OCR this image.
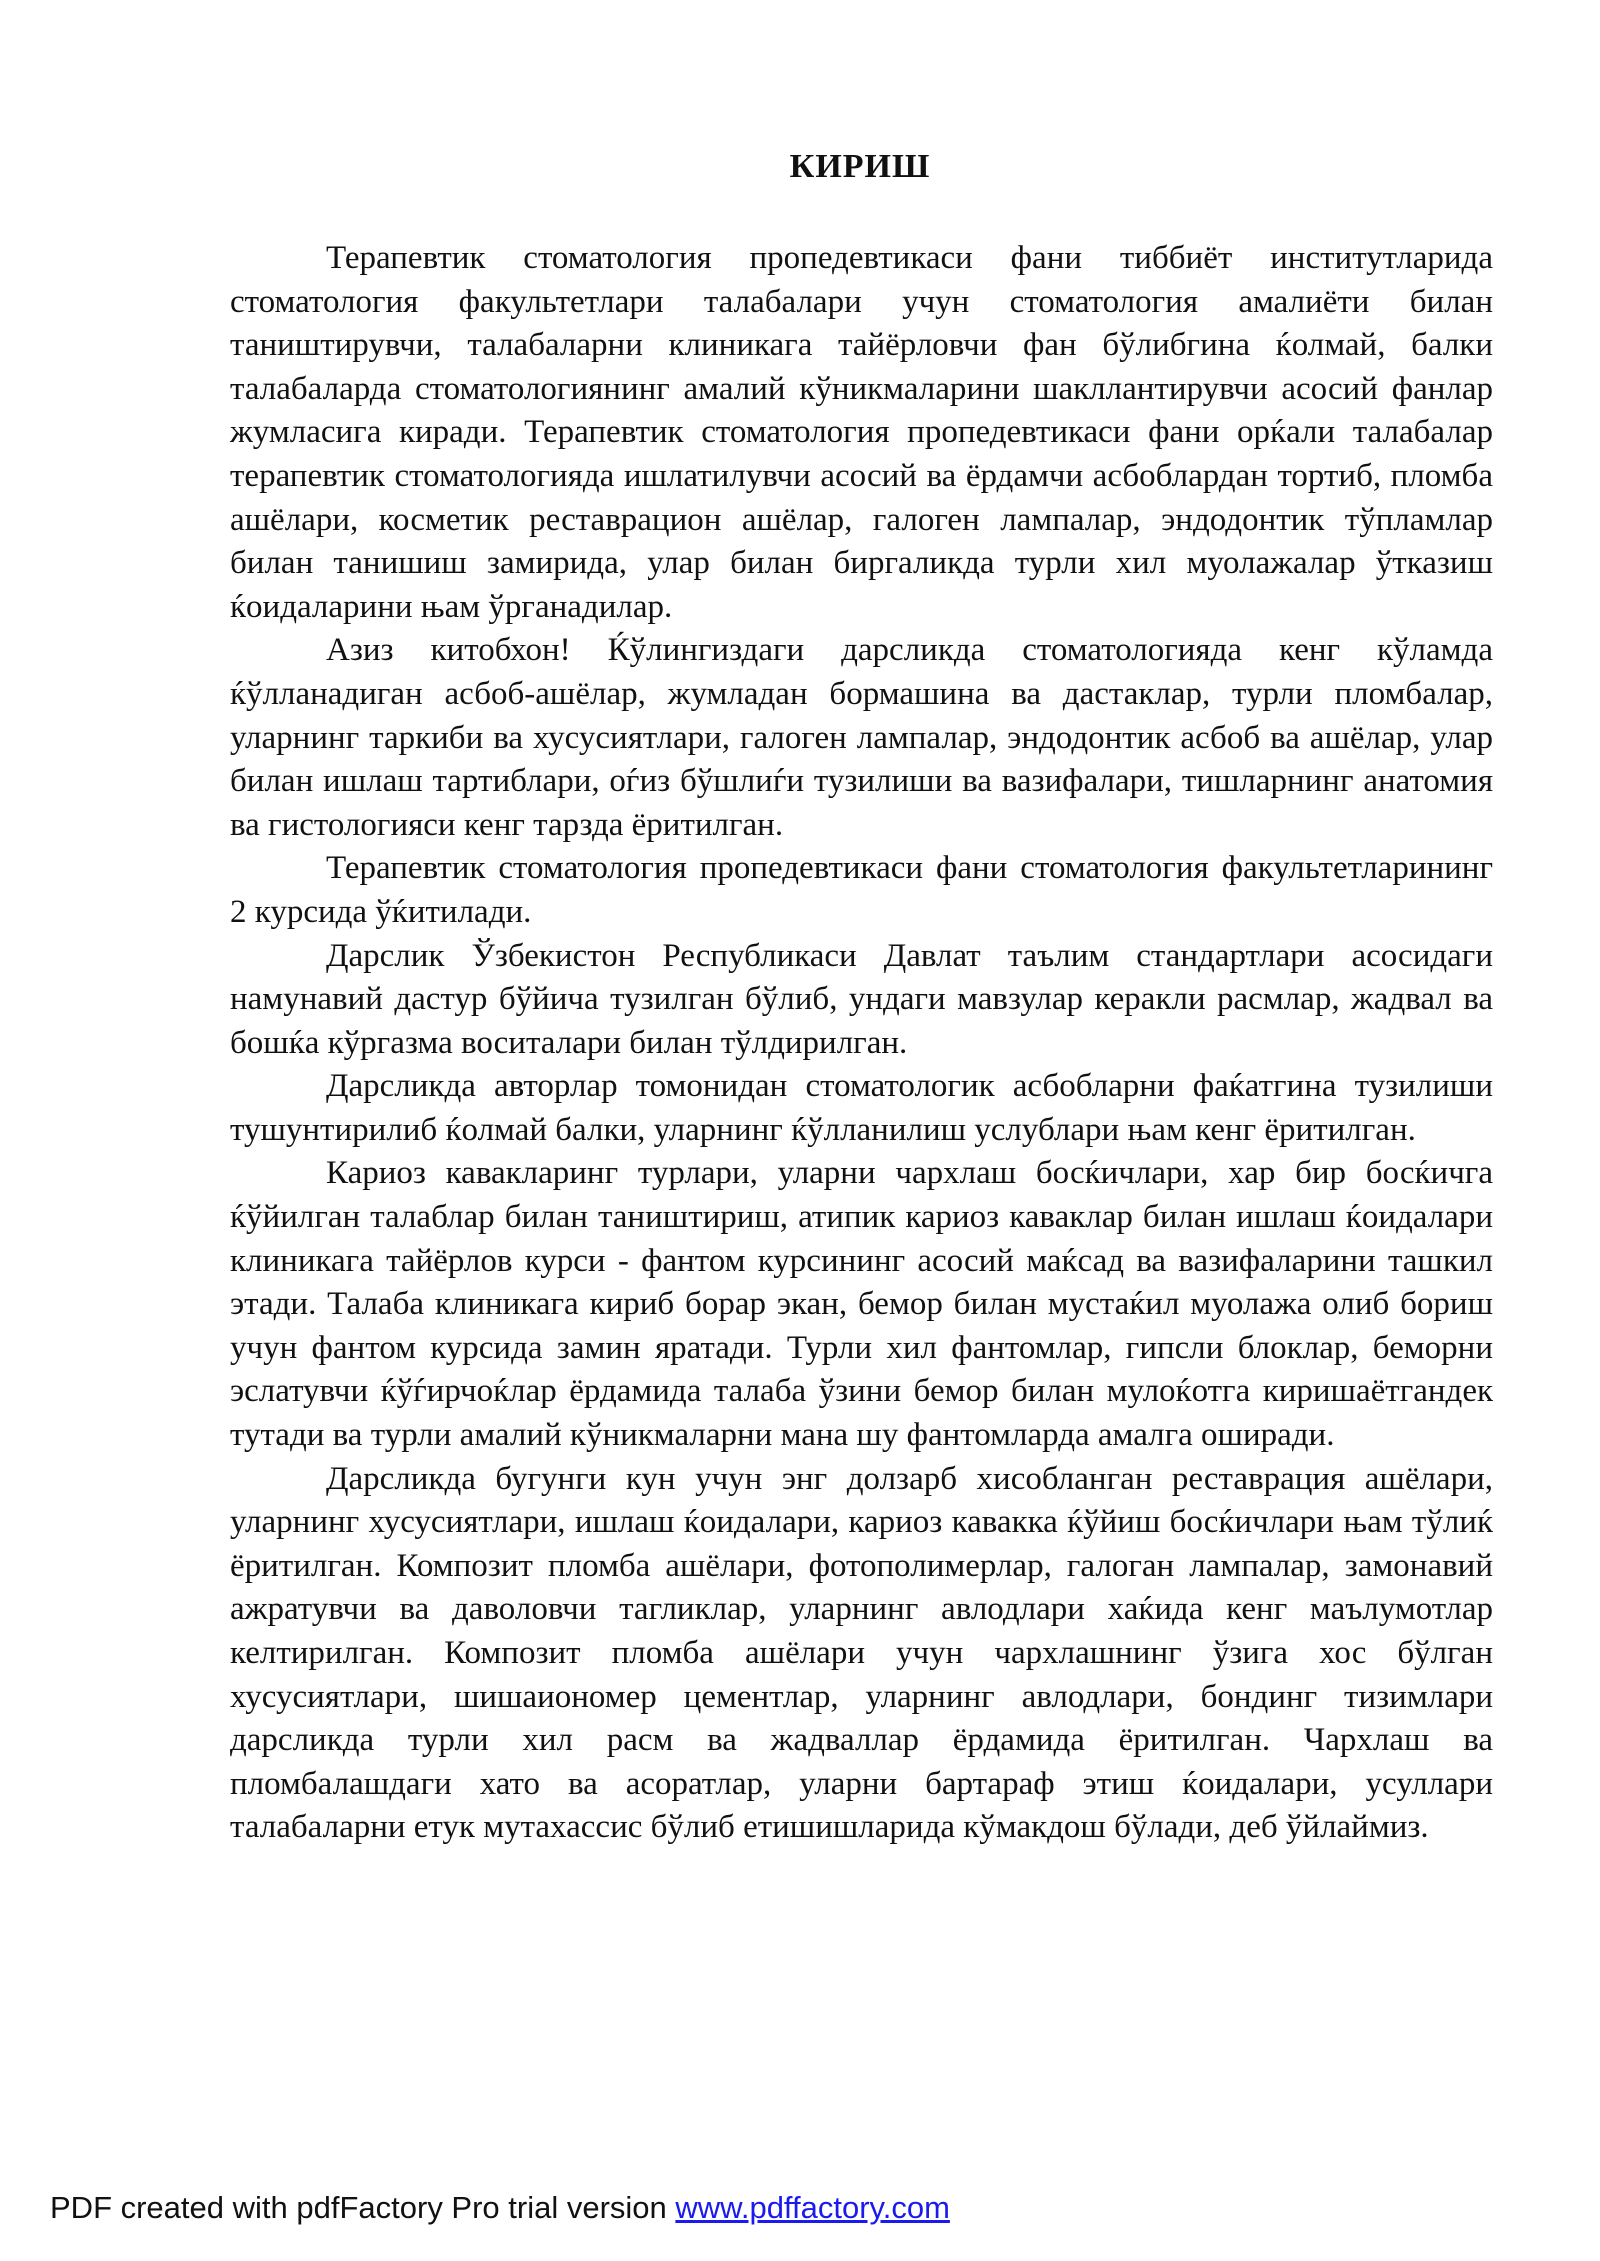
КИРИШ

Терапевтик стоматология пропедевтикаси фани тиббиёт институтларида стоматология факультетлари талабалари учун стоматология амалиёти билан таништирувчи, талабаларни клиникага тайёрловчи фан бўлибгина ќолмай, балки талабаларда стоматологиянинг амалий кўникмаларини шакллантирувчи асосий фанлар жумласига киради. Терапевтик стоматология пропедевтикаси фани орќали талабалар терапевтик стоматологияда ишлатилувчи асосий ва ёрдамчи асбоблардан тортиб, пломба ашёлари, косметик реставрацион ашёлар, галоген лампалар, эндодонтик тўпламлар билан танишиш замирида, улар билан биргаликда турли хил муолажалар ўтказиш ќоидаларини њам ўрганадилар.

Азиз китобхон! Ќўлингиздаги дарсликда стоматологияда кенг кўламда ќўлланадиган асбоб-ашёлар, жумладан бормашина ва дастаклар, турли пломбалар, уларнинг таркиби ва хусусиятлари, галоген лампалар, эндодонтик асбоб ва ашёлар, улар билан ишлаш тартиблари, оѓиз бўшлиѓи тузилиши ва вазифалари, тишларнинг анатомия ва гистологияси кенг тарзда ёритилган.

Терапевтик стоматология пропедевтикаси фани стоматология факультетларининг 2 курсида ўќитилади.

Дарслик Ўзбекистон Республикаси Давлат таълим стандартлари асосидаги намунавий дастур бўйича тузилган бўлиб, ундаги мавзулар керакли расмлар, жадвал ва бошќа кўргазма воситалари билан тўлдирилган.

Дарсликда авторлар томонидан стоматологик асбобларни фаќатгина тузилиши тушунтирилиб ќолмай балки, уларнинг ќўлланилиш услублари њам кенг ёритилган.

Кариоз кавакларинг турлари, уларни чархлаш босќичлари, хар бир босќичга ќўйилган талаблар билан таништириш, атипик кариоз каваклар билан ишлаш ќоидалари клиникага тайёрлов курси - фантом курсининг асосий маќсад ва вазифаларини ташкил этади. Талаба клиникага кириб борар экан, бемор билан мустаќил муолажа олиб бориш учун фантом курсида замин яратади. Турли хил фантомлар, гипсли блоклар, беморни эслатувчи ќўѓирчоќлар ёрдамида талаба ўзини бемор билан мулоќотга киришаётгандек тутади ва турли амалий кўникмаларни мана шу фантомларда амалга оширади.

Дарсликда бугунги кун учун энг долзарб хисобланган реставрация ашёлари, уларнинг хусусиятлари, ишлаш ќоидалари, кариоз кавакка ќўйиш босќичлари њам тўлиќ ёритилган. Композит пломба ашёлари, фотополимерлар, галоган лампалар, замонавий ажратувчи ва даволовчи тагликлар, уларнинг авлодлари хаќида кенг маълумотлар келтирилган. Композит пломба ашёлари учун чархлашнинг ўзига хос бўлган хусусиятлари, шишаиономер цементлар, уларнинг авлодлари, бондинг тизимлари дарсликда турли хил расм ва жадваллар ёрдамида ёритилган. Чархлаш ва пломбалашдаги хато ва асоратлар, уларни бартараф этиш ќоидалари, усуллари талабаларни етук мутахассис бўлиб етишишларида кўмакдош бўлади, деб ўйлаймиз.

PDF created with pdfFactory Pro trial version www.pdffactory.com
